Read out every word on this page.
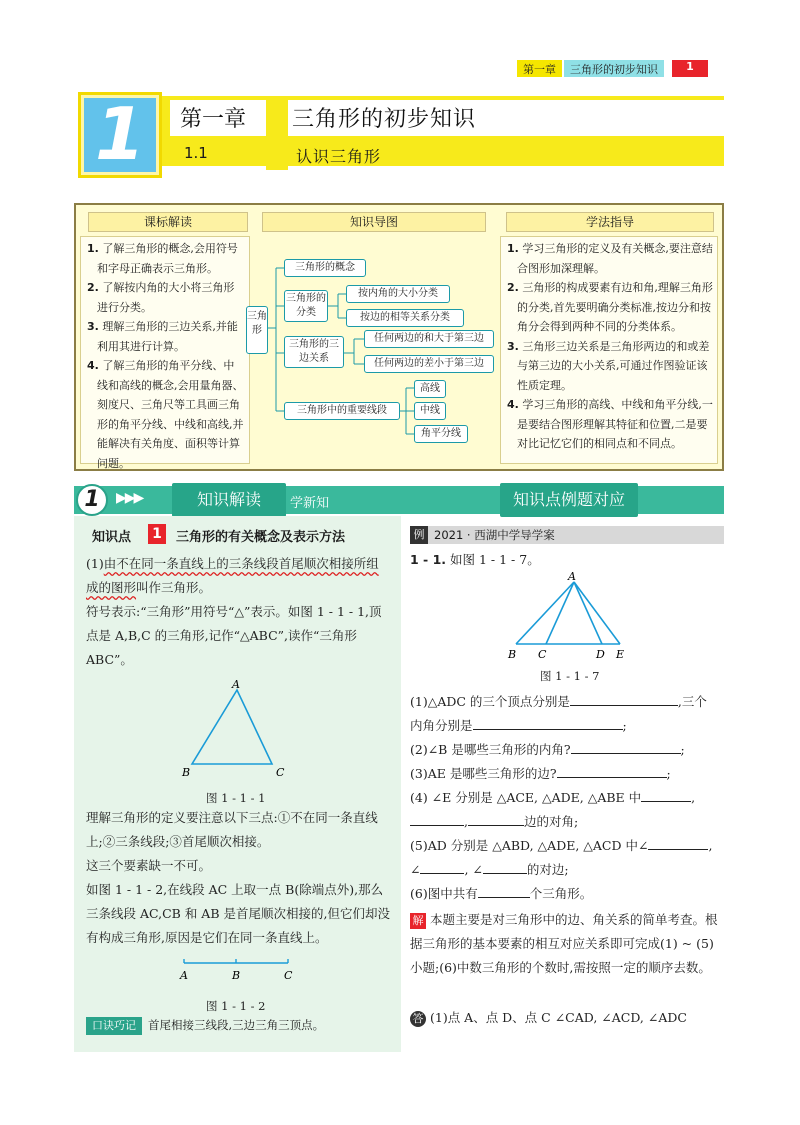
第一章	三角形的初步知识	1
1	第一章 三角形的初步知识
1.1	认识三角形
课标解读
1. 了解三角形的概念,会用符号和字母正确表示三角形。
2. 了解按内角的大小将三角形进行分类。
3. 理解三角形的三边关系,并能利用其进行计算。
4. 了解三角形的角平分线、中线和高线的概念,会用量角器、刻度尺、三角尺等工具画三角形的角平分线、中线和高线,并能解决有关角度、面积等计算问题。
知识导图
三角形
三角形的概念
三角形的分类
按内角的大小分类
按边的相等关系分类
三角形的三边关系
任何两边的和大于第三边
任何两边的差小于第三边
三角形中的重要线段
高线
中线
角平分线
学法指导
1. 学习三角形的定义及有关概念,要注意结合图形加深理解。
2. 三角形的构成要素有边和角,理解三角形的分类,首先要明确分类标准,按边分和按角分会得到两种不同的分类体系。
3. 三角形三边关系是三角形两边的和或差与第三边的大小关系,可通过作图验证该性质定理。
4. 学习三角形的高线、中线和角平分线,一是要结合图形理解其特征和位置,二是要对比记忆它们的相同点和不同点。
1	▶▶▶	知识解读	学新知	知识点例题对应
知识点 1	三角形的有关概念及表示方法
(1)由不在同一条直线上的三条线段首尾顺次相接所组成的图形叫作三角形。
符号表示:“三角形”用符号“△”表示。如图 1 - 1 - 1,顶点是 A,B,C 的三角形,记作“△ABC”,读作“三角形 ABC”。
A
B	C
图 1 - 1 - 1
理解三角形的定义要注意以下三点:①不在同一条直线上;②三条线段;③首尾顺次相接。
这三个要素缺一不可。
如图 1 - 1 - 2,在线段 AC 上取一点 B(除端点外),那么三条线段 AC,CB 和 AB 是首尾顺次相接的,但它们却没有构成三角形,原因是它们在同一条直线上。
A	B	C
图 1 - 1 - 2
口诀巧记	首尾相接三线段,三边三角三顶点。
例 2021 · 西湖中学导学案
1 - 1. 如图 1 - 1 - 7。
A
B C	D E
图 1 - 1 - 7
(1)△ADC 的三个顶点分别是	,三个
内角分别是	;
(2)∠B 是哪些三角形的内角?	;
(3)AE 是哪些三角形的边?	;
(4) ∠E 分别是 △ACE, △ADE, △ABE 中	,
,	边的对角;
(5)AD 分别是 △ABD, △ADE, △ACD 中∠	,
∠	, ∠	的对边;
(6)图中共有	个三角形。
解 本题主要是对三角形中的边、角关系的简单考查。根据三角形的基本要素的相互对应关系即可完成(1) ~ (5)小题;(6)中数三角形的个数时,需按照一定的顺序去数。
答 (1)点 A、点 D、点 C ∠CAD, ∠ACD, ∠ADC
